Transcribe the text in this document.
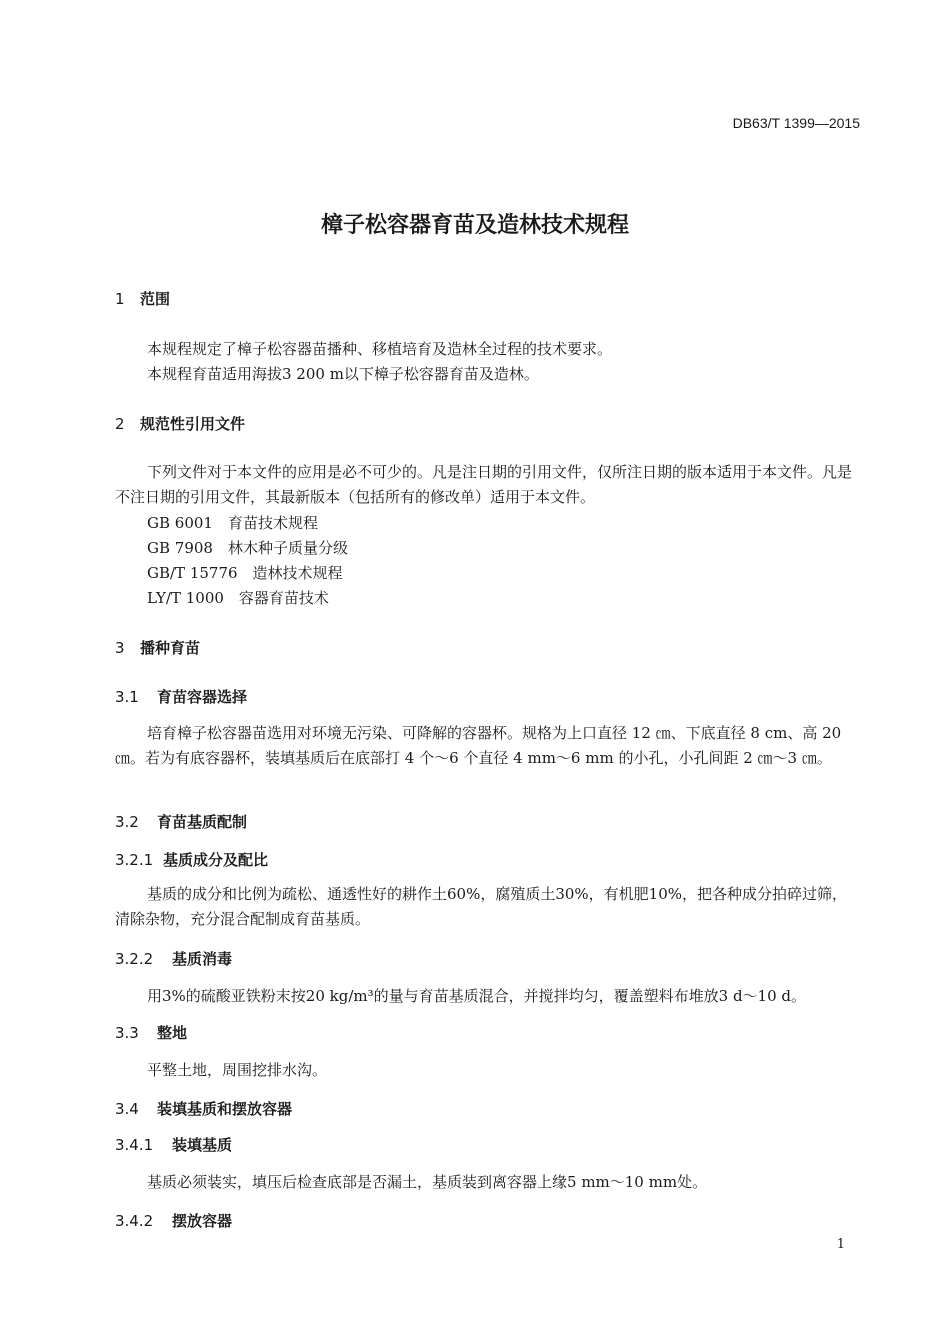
DB63/T 1399—2015
樟子松容器育苗及造林技术规程
1 范围
本规程规定了樟子松容器苗播种、移植培育及造林全过程的技术要求。
本规程育苗适用海拔3 200 m以下樟子松容器育苗及造林。
2 规范性引用文件
下列文件对于本文件的应用是必不可少的。凡是注日期的引用文件，仅所注日期的版本适用于本文件。凡是不注日期的引用文件，其最新版本（包括所有的修改单）适用于本文件。
GB 6001　育苗技术规程
GB 7908　林木种子质量分级
GB/T 15776　造林技术规程
LY/T 1000　容器育苗技术
3 播种育苗
3.1 育苗容器选择
培育樟子松容器苗选用对环境无污染、可降解的容器杯。规格为上口直径 12 ㎝、下底直径 8 cm、高 20 ㎝。若为有底容器杯，装填基质后在底部打 4 个～6 个直径 4 mm～6 mm 的小孔，小孔间距 2 ㎝～3 ㎝。
3.2 育苗基质配制
3.2.1 基质成分及配比
基质的成分和比例为疏松、通透性好的耕作土60%，腐殖质土30%，有机肥10%，把各种成分拍碎过筛，清除杂物，充分混合配制成育苗基质。
3.2.2 基质消毒
用3%的硫酸亚铁粉末按20 kg/m³的量与育苗基质混合，并搅拌均匀，覆盖塑料布堆放3 d～10 d。
3.3 整地
平整土地，周围挖排水沟。
3.4 装填基质和摆放容器
3.4.1 装填基质
基质必须装实，填压后检查底部是否漏土，基质装到离容器上缘5 mm～10 mm处。
3.4.2 摆放容器
1
